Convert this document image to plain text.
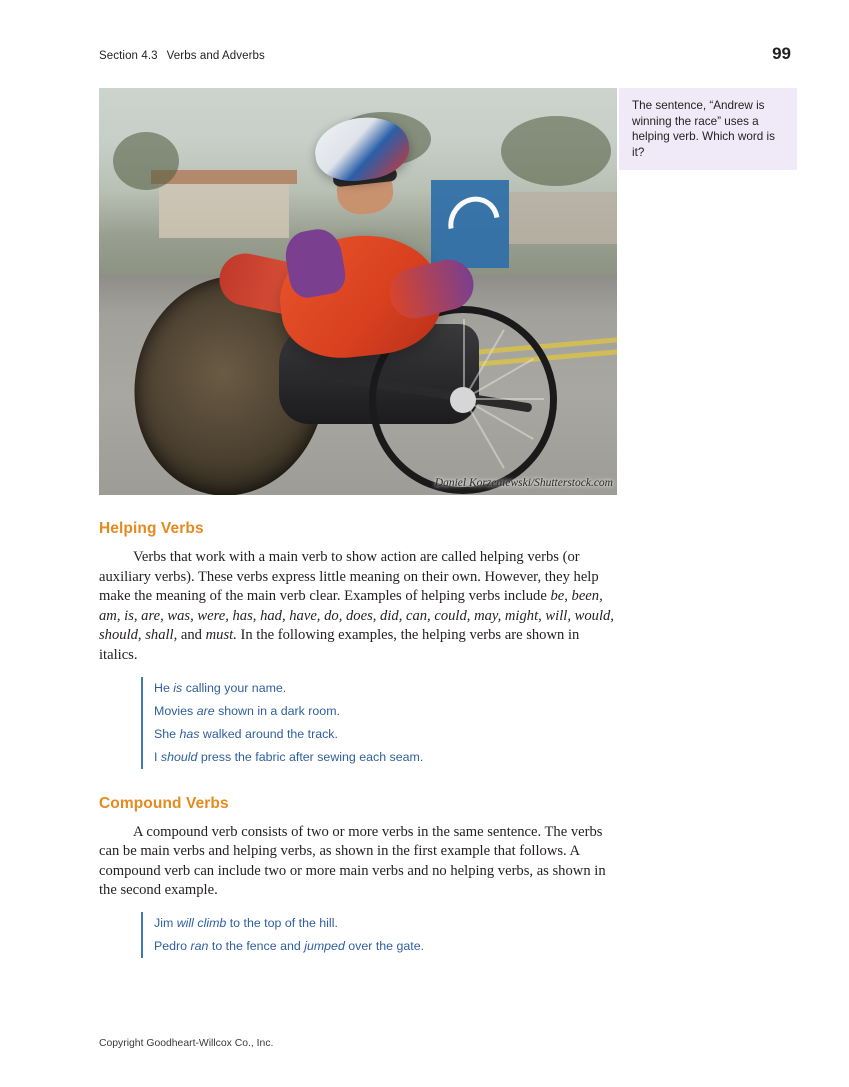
Section 4.3 Verbs and Adverbs	99
The sentence, “Andrew is winning the race” uses a helping verb. Which word is it?
Daniel Korzeniewski/Shutterstock.com
Helping Verbs

Verbs that work with a main verb to show action are called helping verbs (or auxiliary verbs). These verbs express little meaning on their own. However, they help make the meaning of the main verb clear. Examples of helping verbs include be, been, am, is, are, was, were, has, had, have, do, does, did, can, could, may, might, will, would, should, shall, and must. In the following examples, the helping verbs are shown in italics.

He is calling your name.
Movies are shown in a dark room.
She has walked around the track.
I should press the fabric after sewing each seam.
Compound Verbs

A compound verb consists of two or more verbs in the same sentence. The verbs can be main verbs and helping verbs, as shown in the first example that follows. A compound verb can include two or more main verbs and no helping verbs, as shown in the second example.

Jim will climb to the top of the hill.
Pedro ran to the fence and jumped over the gate.
Copyright Goodheart-Willcox Co., Inc.
